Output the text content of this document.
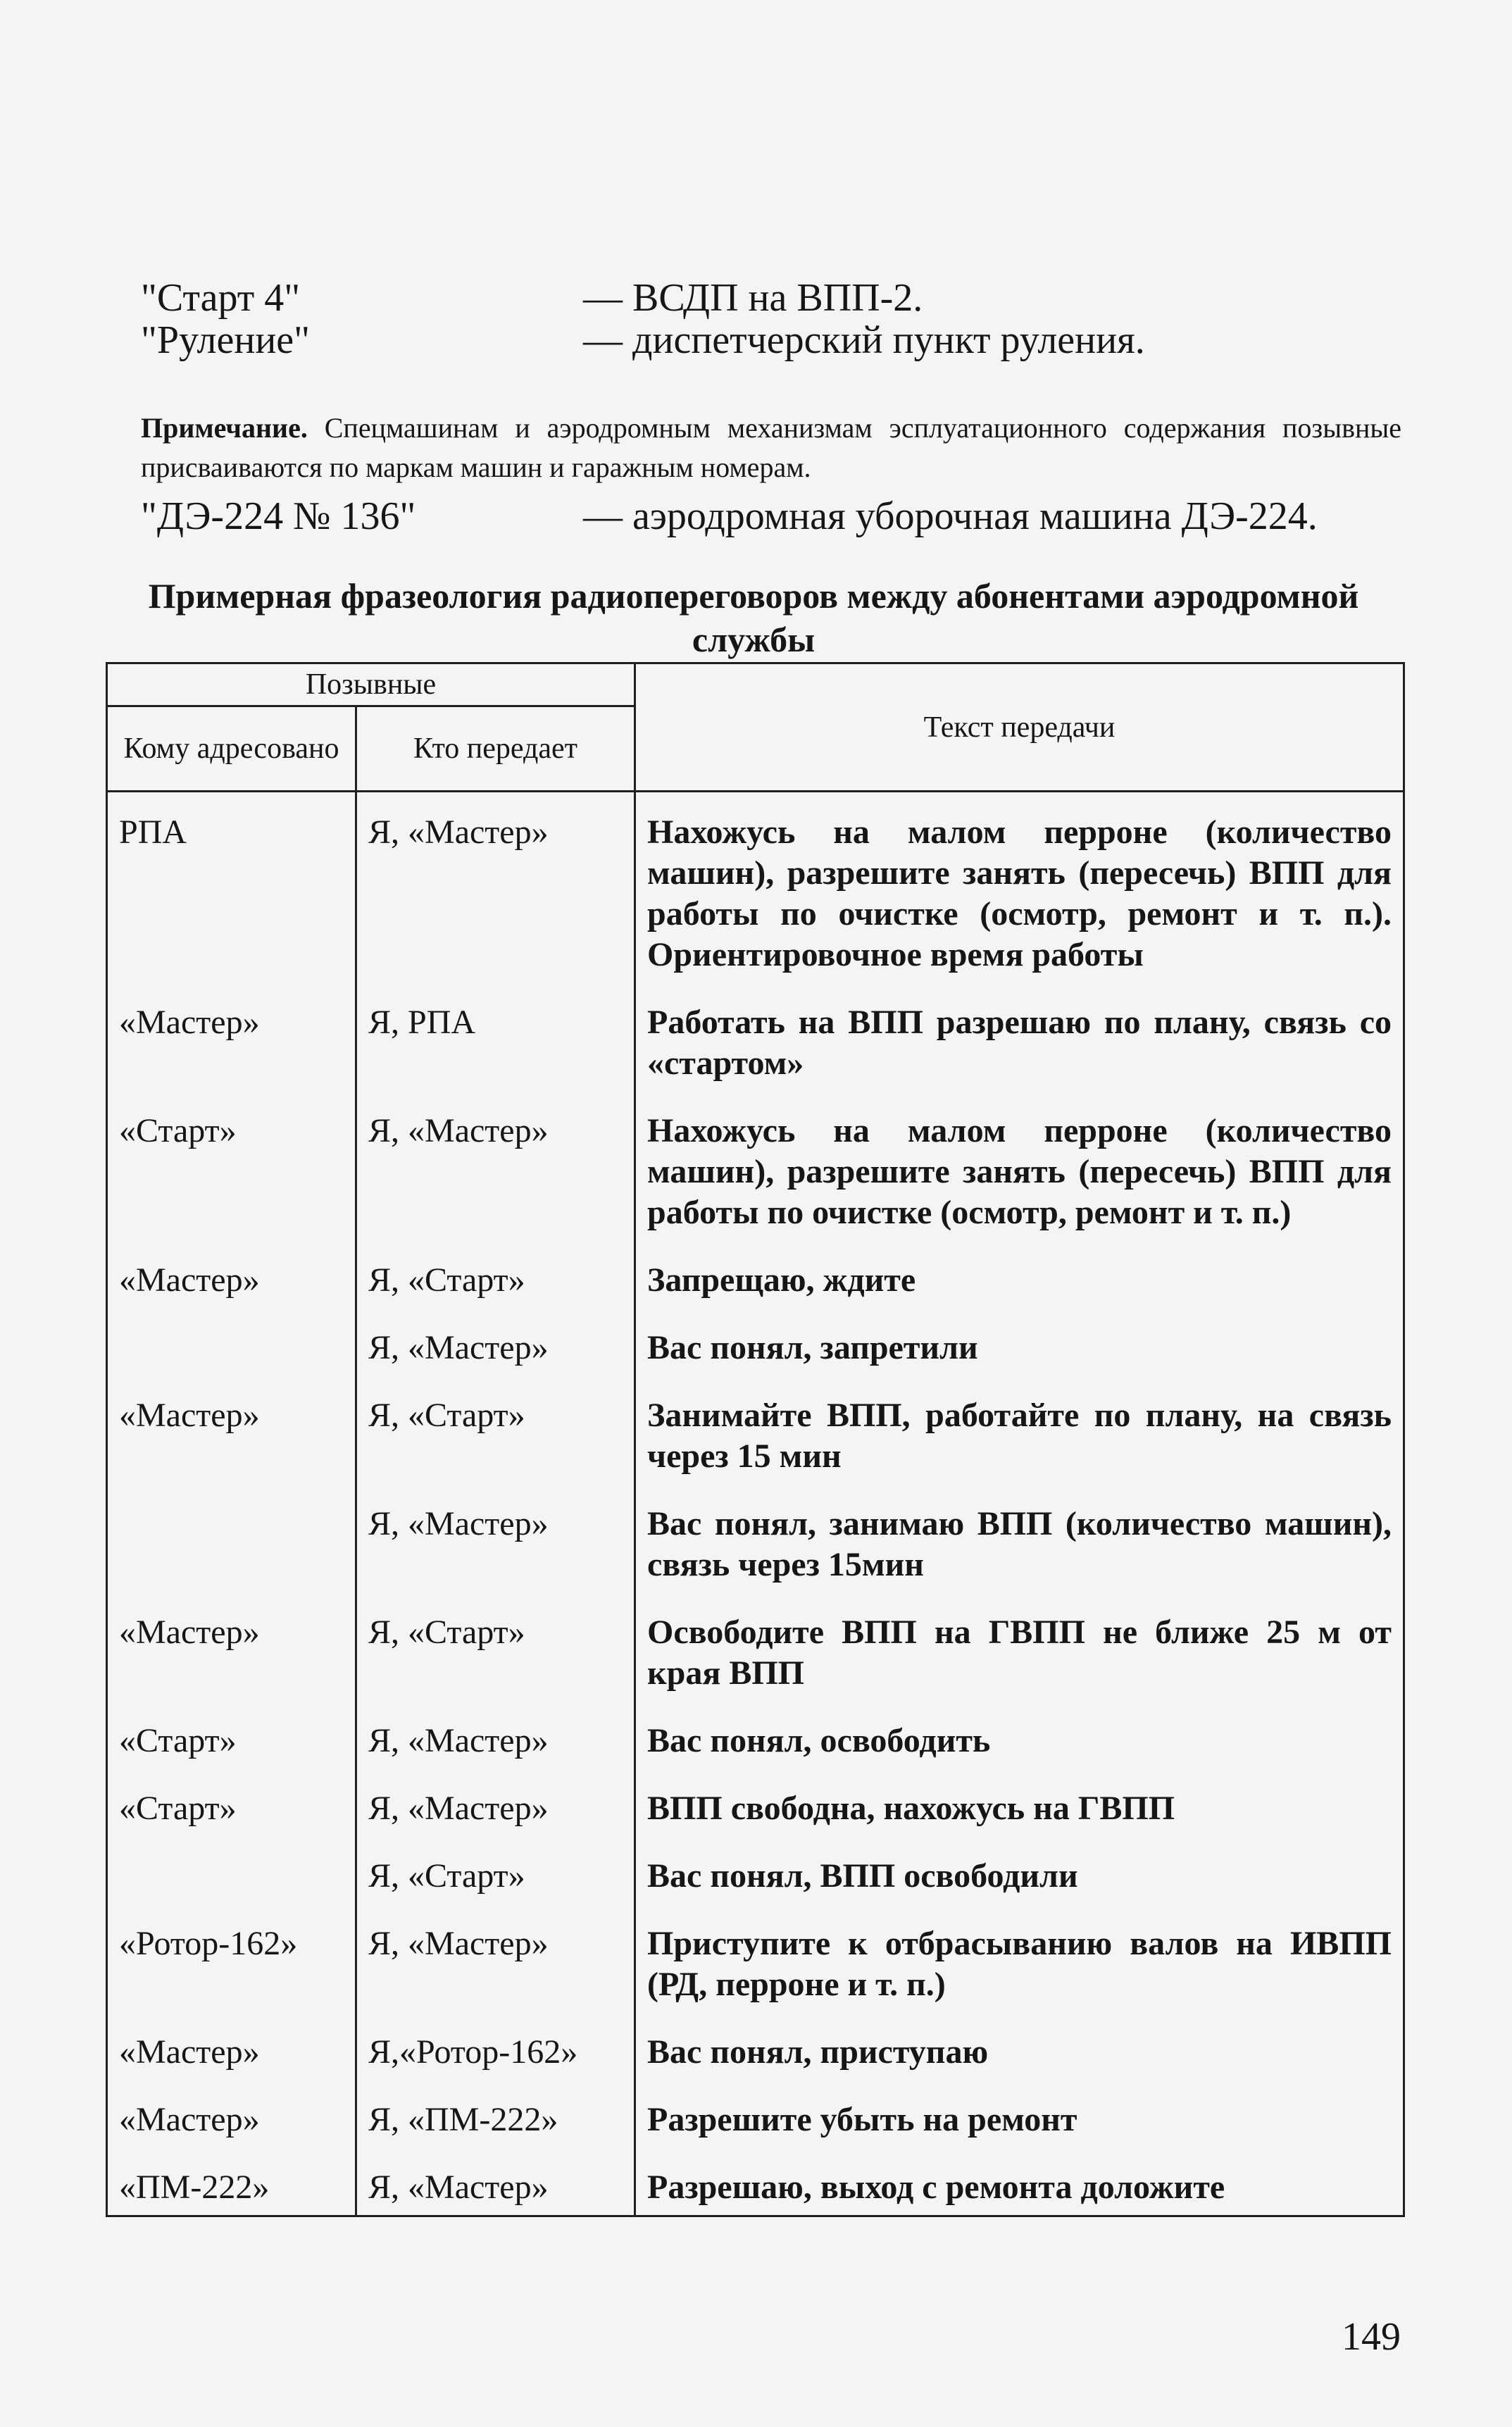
"Старт 4"	— ВСДП на ВПП-2.
"Руление"	— диспетчерский пункт руления.
Примечание. Спецмашинам и аэродромным механизмам эсплуатационного содержания позывные присваиваются по маркам машин и гаражным номерам.
"ДЭ-224 № 136"	— аэродромная уборочная машина ДЭ-224.
Примерная фразеология радиопереговоров между абонентами аэродромной службы
Позывные		Текст передачи
Кому адресовано	Кто передает	
РПА	Я, «Мастер»	Нахожусь на малом перроне (количество машин), разрешите занять (пересечь) ВПП для работы по очистке (осмотр, ремонт и т. п.). Ориентировочное время работы
«Мастер»	Я, РПА	Работать на ВПП разрешаю по плану, связь со «стартом»
«Старт»	Я, «Мастер»	Нахожусь на малом перроне (количество машин), разрешите занять (пересечь) ВПП для работы по очистке (осмотр, ремонт и т. п.)
«Мастер»	Я, «Старт»	Запрещаю, ждите
	Я, «Мастер»	Вас понял, запретили
«Мастер»	Я, «Старт»	Занимайте ВПП, работайте по плану, на связь через 15 мин
	Я, «Мастер»	Вас понял, занимаю ВПП (количество машин), связь через 15мин
«Мастер»	Я, «Старт»	Освободите ВПП на ГВПП не ближе 25 м от края ВПП
«Старт»	Я, «Мастер»	Вас понял, освободить
«Старт»	Я, «Мастер»	ВПП свободна, нахожусь на ГВПП
	Я, «Старт»	Вас понял, ВПП освободили
«Ротор-162»	Я, «Мастер»	Приступите к отбрасыванию валов на ИВПП (РД, перроне и т. п.)
«Мастер»	Я,«Ротор-162»	Вас понял, приступаю
«Мастер»	Я, «ПМ-222»	Разрешите убыть на ремонт
«ПМ-222»	Я, «Мастер»	Разрешаю, выход с ремонта доложите
149
